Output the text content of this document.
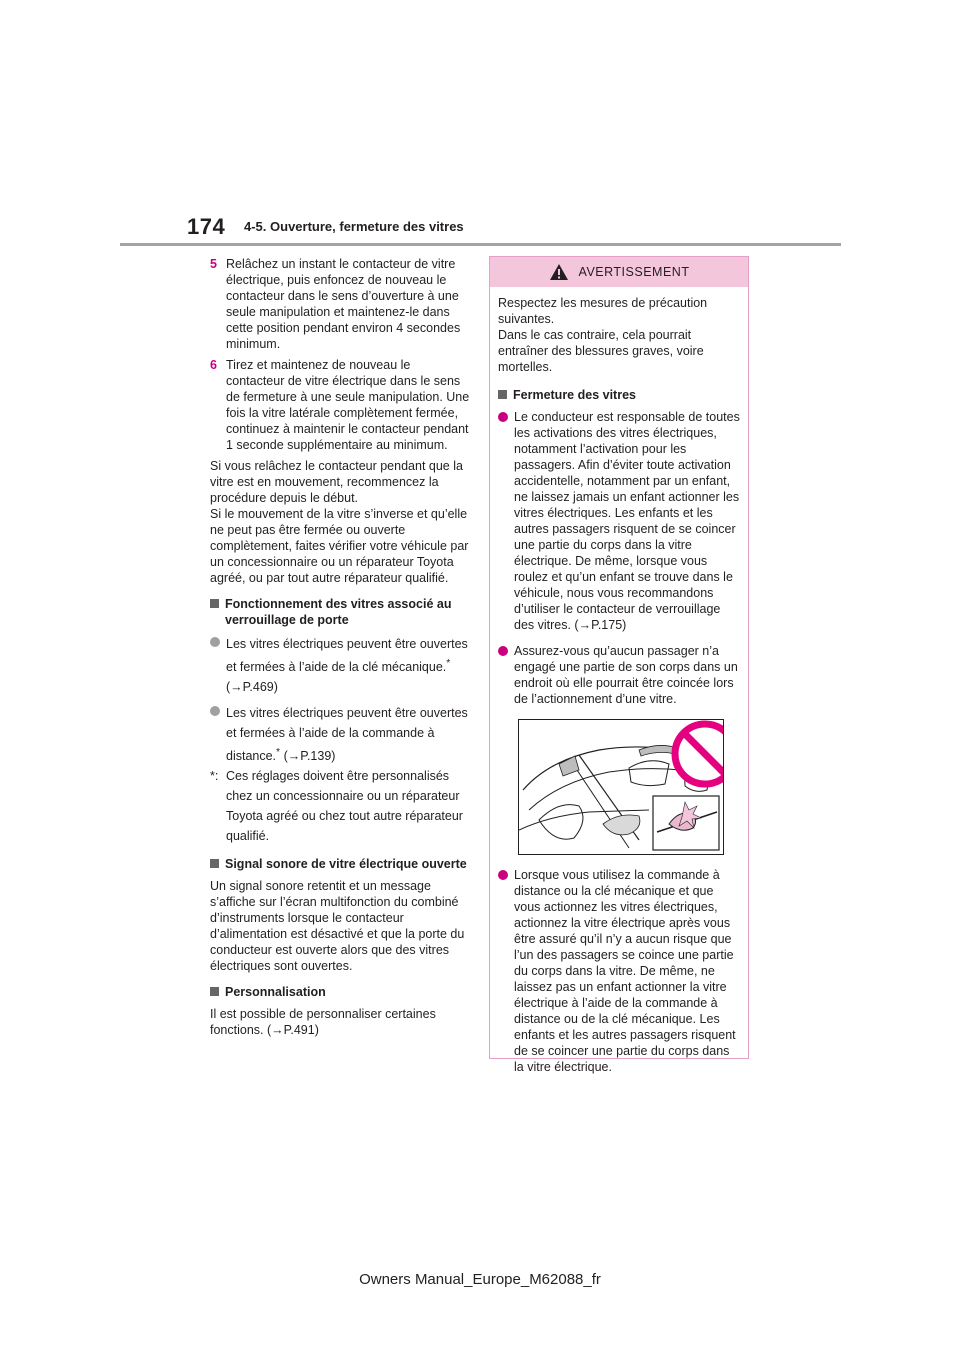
174 4-5. Ouverture, fermeture des vitres
5 Relâchez un instant le contacteur de vitre électrique, puis enfoncez de nouveau le contacteur dans le sens d’ouverture à une seule manipulation et maintenez-le dans cette position pendant environ 4 secondes minimum.
6 Tirez et maintenez de nouveau le contacteur de vitre électrique dans le sens de fermeture à une seule manipulation. Une fois la vitre latérale complètement fermée, continuez à maintenir le contacteur pendant 1 seconde supplémentaire au minimum.

Si vous relâchez le contacteur pendant que la vitre est en mouvement, recommencez la procédure depuis le début.

Si le mouvement de la vitre s’inverse et qu’elle ne peut pas être fermée ou ouverte complètement, faites vérifier votre véhicule par un concessionnaire ou un réparateur Toyota agréé, ou par tout autre réparateur qualifié.

Fonctionnement des vitres associé au verrouillage de porte
Les vitres électriques peuvent être ouvertes et fermées à l’aide de la clé mécanique.* (→P.469)
Les vitres électriques peuvent être ouvertes et fermées à l’aide de la commande à distance.* (→P.139)
*: Ces réglages doivent être personnalisés chez un concessionnaire ou un réparateur Toyota agréé ou chez tout autre réparateur qualifié.
Signal sonore de vitre électrique ouverte

Un signal sonore retentit et un message s’affiche sur l’écran multifonction du combiné d’instruments lorsque le contacteur d’alimentation est désactivé et que la porte du conducteur est ouverte alors que des vitres électriques sont ouvertes.

Personnalisation

Il est possible de personnaliser certaines fonctions. (→P.491)

AVERTISSEMENT

Respectez les mesures de précaution suivantes.

Dans le cas contraire, cela pourrait entraîner des blessures graves, voire mortelles.

Fermeture des vitres
Le conducteur est responsable de toutes les activations des vitres électriques, notamment l’activation pour les passagers. Afin d’éviter toute activation accidentelle, notamment par un enfant, ne laissez jamais un enfant actionner les vitres électriques. Les enfants et les autres passagers risquent de se coincer une partie du corps dans la vitre électrique. De même, lorsque vous roulez et qu’un enfant se trouve dans le véhicule, nous vous recommandons d’utiliser le contacteur de verrouillage des vitres. (→P.175)
Assurez-vous qu’aucun passager n’a engagé une partie de son corps dans un endroit où elle pourrait être coincée lors de l’actionnement d’une vitre.
Lorsque vous utilisez la commande à distance ou la clé mécanique et que vous actionnez les vitres électriques, actionnez la vitre électrique après vous être assuré qu’il n’y a aucun risque que l’un des passagers se coince une partie du corps dans la vitre. De même, ne laissez pas un enfant actionner la vitre électrique à l’aide de la commande à distance ou de la clé mécanique. Les enfants et les autres passagers risquent de se coincer une partie du corps dans la vitre électrique.
Owners Manual_Europe_M62088_fr
